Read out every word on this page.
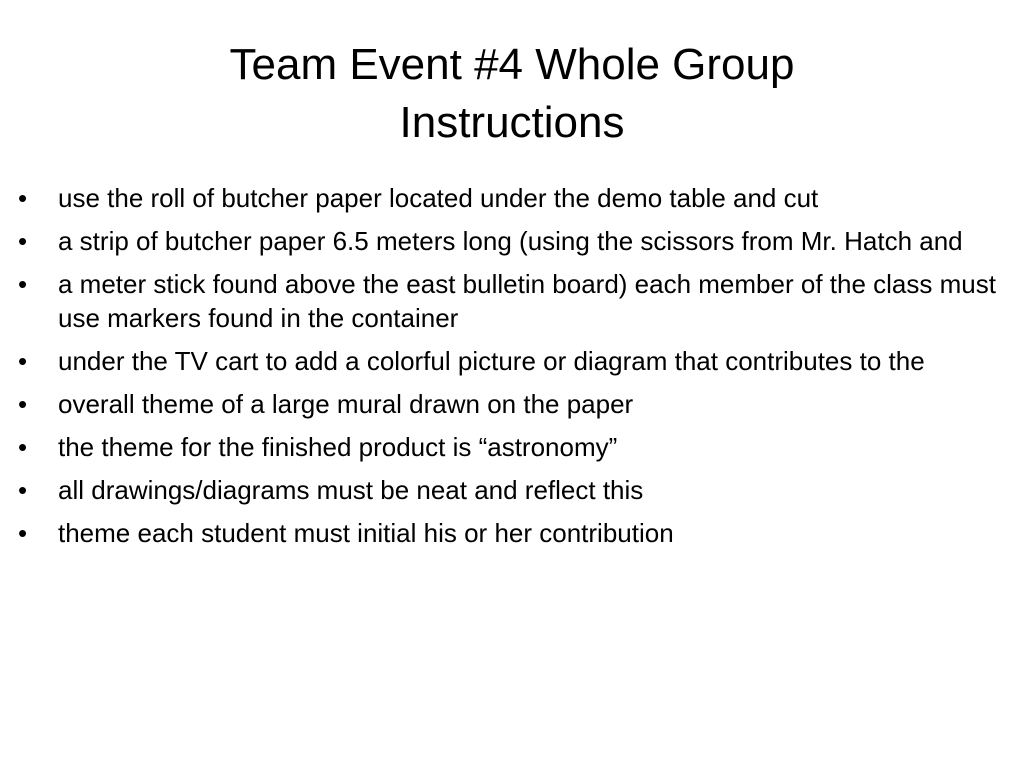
Team Event #4 Whole Group
Instructions
•	use the roll of butcher paper located under the demo table and cut
•	a strip of butcher paper 6.5 meters long (using the scissors from Mr. Hatch and
•	a meter stick found above the east bulletin board) each member of the class must use markers found in the container
•	under the TV cart to add a colorful picture or diagram that contributes to the
•	overall theme of a large mural drawn on the paper
•	the theme for the finished product is “astronomy”
•	all drawings/diagrams must be neat and reflect this
•	theme each student must initial his or her contribution
